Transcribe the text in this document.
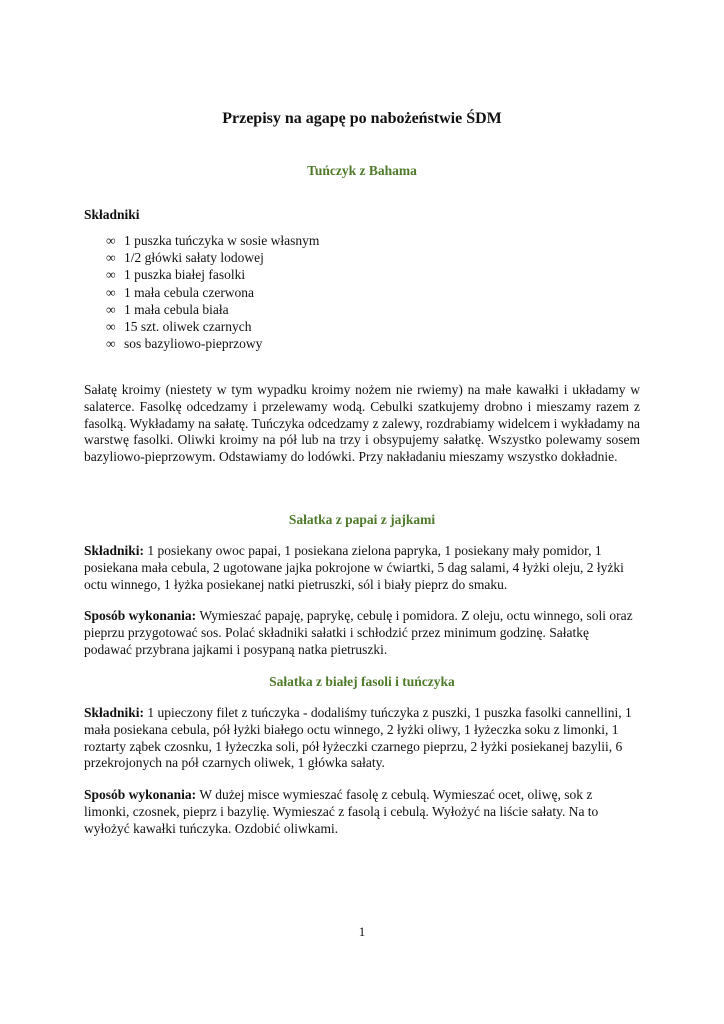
Przepisy na agapę po nabożeństwie ŚDM
Tuńczyk z Bahama
Składniki
∞ 1 puszka tuńczyka w sosie własnym
∞ 1/2 główki sałaty lodowej
∞ 1 puszka białej fasolki
∞ 1 mała cebula czerwona
∞ 1 mała cebula biała
∞ 15 szt. oliwek czarnych
∞ sos bazyliowo-pieprzowy

Sałatę kroimy (niestety w tym wypadku kroimy nożem nie rwiemy) na małe kawałki i układamy w salaterce. Fasolkę odcedzamy i przelewamy wodą. Cebulki szatkujemy drobno i mieszamy razem z fasolką. Wykładamy na sałatę. Tuńczyka odcedzamy z zalewy, rozdrabiamy widelcem i wykładamy na warstwę fasolki. Oliwki kroimy na pół lub na trzy i obsypujemy sałatkę. Wszystko polewamy sosem bazyliowo-pieprzowym. Odstawiamy do lodówki. Przy nakładaniu mieszamy wszystko dokładnie.

Sałatka z papai z jajkami

Składniki: 1 posiekany owoc papai, 1 posiekana zielona papryka, 1 posiekany mały pomidor, 1 posiekana mała cebula, 2 ugotowane jajka pokrojone w ćwiartki, 5 dag salami, 4 łyżki oleju, 2 łyżki octu winnego, 1 łyżka posiekanej natki pietruszki, sól i biały pieprz do smaku.

Sposób wykonania: Wymieszać papaję, paprykę, cebulę i pomidora. Z oleju, octu winnego, soli oraz pieprzu przygotować sos. Polać składniki sałatki i schłodzić przez minimum godzinę. Sałatkę podawać przybrana jajkami i posypaną natka pietruszki.

Sałatka z białej fasoli i tuńczyka

Składniki: 1 upieczony filet z tuńczyka - dodaliśmy tuńczyka z puszki, 1 puszka fasolki cannellini, 1 mała posiekana cebula, pół łyżki białego octu winnego, 2 łyżki oliwy, 1 łyżeczka soku z limonki, 1 roztarty ząbek czosnku, 1 łyżeczka soli, pół łyżeczki czarnego pieprzu, 2 łyżki posiekanej bazylii, 6 przekrojonych na pół czarnych oliwek, 1 główka sałaty.

Sposób wykonania: W dużej misce wymieszać fasolę z cebulą. Wymieszać ocet, oliwę, sok z limonki, czosnek, pieprz i bazylię. Wymieszać z fasolą i cebulą. Wyłożyć na liście sałaty. Na to wyłożyć kawałki tuńczyka. Ozdobić oliwkami.

1
